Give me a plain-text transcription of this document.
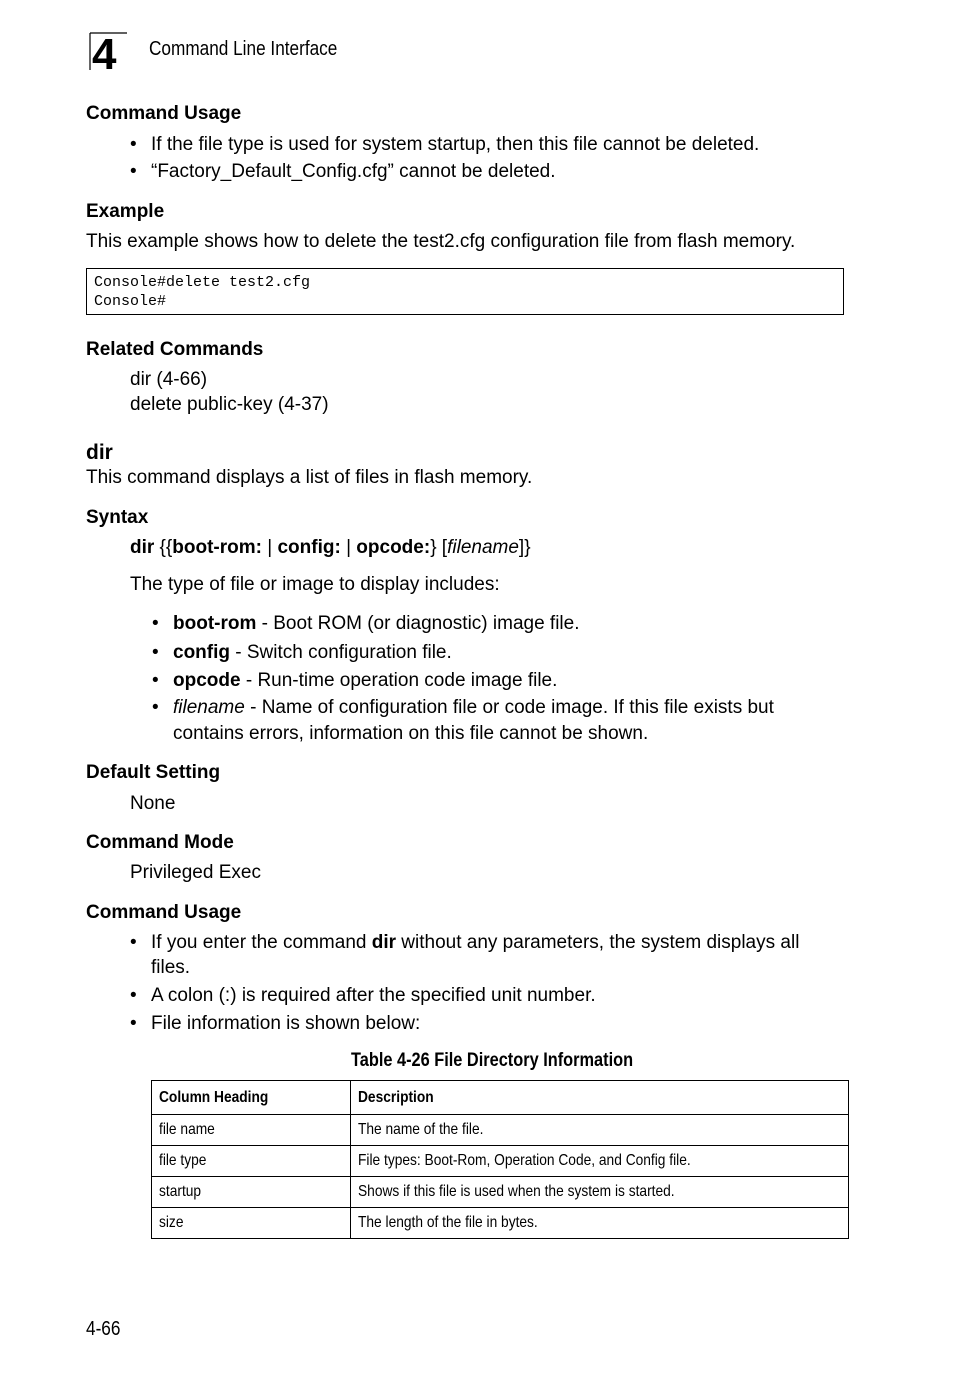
4 Command Line Interface
Command Usage
• If the file type is used for system startup, then this file cannot be deleted.
• “Factory_Default_Config.cfg” cannot be deleted.
Example
This example shows how to delete the test2.cfg configuration file from flash memory.
Console#delete test2.cfg
Console#
Related Commands
dir (4-66)
delete public-key (4-37)
dir
This command displays a list of files in flash memory.
Syntax
dir {{boot-rom: | config: | opcode:} [filename]}
The type of file or image to display includes:
• boot-rom - Boot ROM (or diagnostic) image file.
• config - Switch configuration file.
• opcode - Run-time operation code image file.
• filename - Name of configuration file or code image. If this file exists but
contains errors, information on this file cannot be shown.
Default Setting
None
Command Mode
Privileged Exec
Command Usage
• If you enter the command dir without any parameters, the system displays all
files.
• A colon (:) is required after the specified unit number.
• File information is shown below:
Table 4-26 File Directory Information
Column Heading	Description
file name	The name of the file.
file type	File types: Boot-Rom, Operation Code, and Config file.
startup	Shows if this file is used when the system is started.
size	The length of the file in bytes.
4-66
